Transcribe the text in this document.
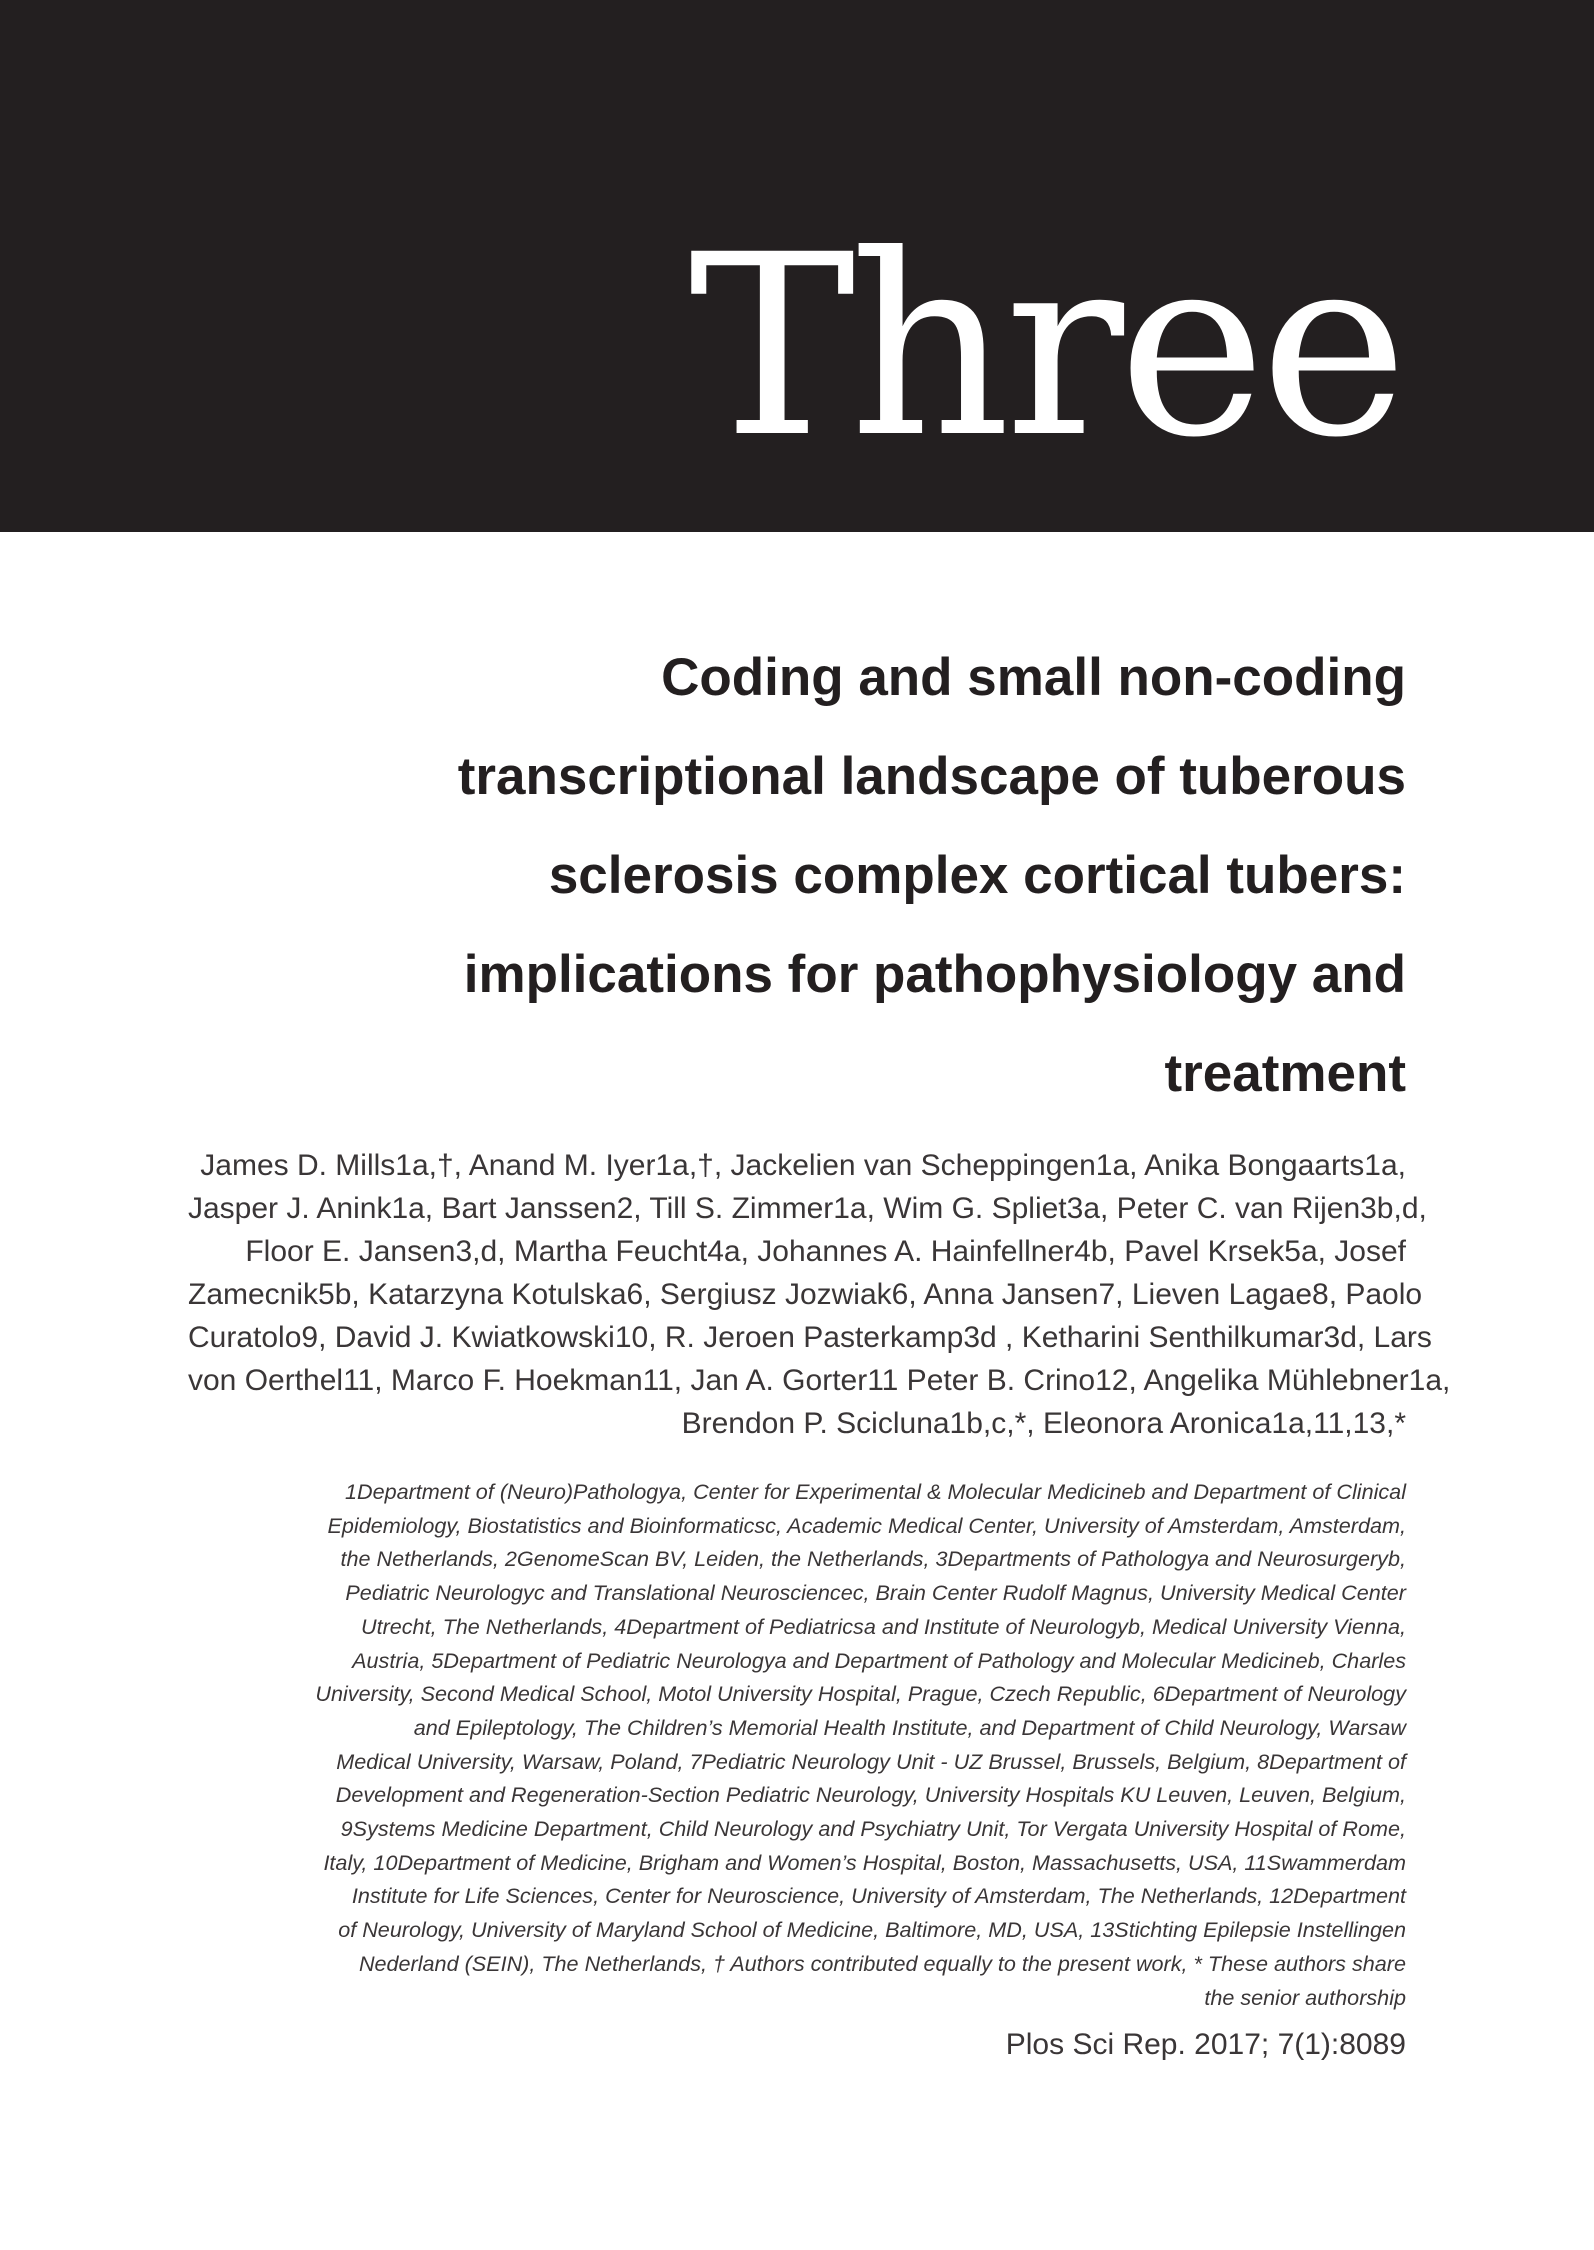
Three
Coding and small non-coding
transcriptional landscape of tuberous
sclerosis complex cortical tubers:
implications for pathophysiology and
treatment
James D. Mills1a,†, Anand M. Iyer1a,†, Jackelien van Scheppingen1a, Anika Bongaarts1a,
Jasper J. Anink1a, Bart Janssen2, Till S. Zimmer1a, Wim G. Spliet3a, Peter C. van Rijen3b,d,
Floor E. Jansen3,d, Martha Feucht4a, Johannes A. Hainfellner4b, Pavel Krsek5a, Josef
Zamecnik5b, Katarzyna Kotulska6, Sergiusz Jozwiak6, Anna Jansen7, Lieven Lagae8, Paolo
Curatolo9, David J. Kwiatkowski10, R. Jeroen Pasterkamp3d , Ketharini Senthilkumar3d, Lars
von Oerthel11, Marco F. Hoekman11, Jan A. Gorter11 Peter B. Crino12, Angelika Mühlebner1a,
Brendon P. Scicluna1b,c,*, Eleonora Aronica1a,11,13,*
1Department of (Neuro)Pathologya, Center for Experimental & Molecular Medicineb and Department of Clinical
Epidemiology, Biostatistics and Bioinformaticsc, Academic Medical Center, University of Amsterdam, Amsterdam,
the Netherlands, 2GenomeScan BV, Leiden, the Netherlands, 3Departments of Pathologya and Neurosurgeryb,
Pediatric Neurologyc and Translational Neurosciencec, Brain Center Rudolf Magnus, University Medical Center
Utrecht, The Netherlands, 4Department of Pediatricsa and Institute of Neurologyb, Medical University Vienna,
Austria, 5Department of Pediatric Neurologya and Department of Pathology and Molecular Medicineb, Charles
University, Second Medical School, Motol University Hospital, Prague, Czech Republic, 6Department of Neurology
and Epileptology, The Children’s Memorial Health Institute, and Department of Child Neurology, Warsaw
Medical University, Warsaw, Poland, 7Pediatric Neurology Unit - UZ Brussel, Brussels, Belgium, 8Department of
Development and Regeneration-Section Pediatric Neurology, University Hospitals KU Leuven, Leuven, Belgium,
9Systems Medicine Department, Child Neurology and Psychiatry Unit, Tor Vergata University Hospital of Rome,
Italy, 10Department of Medicine, Brigham and Women’s Hospital, Boston, Massachusetts, USA, 11Swammerdam
Institute for Life Sciences, Center for Neuroscience, University of Amsterdam, The Netherlands, 12Department
of Neurology, University of Maryland School of Medicine, Baltimore, MD, USA, 13Stichting Epilepsie Instellingen
Nederland (SEIN), The Netherlands, † Authors contributed equally to the present work, * These authors share
the senior authorship
Plos Sci Rep. 2017; 7(1):8089
